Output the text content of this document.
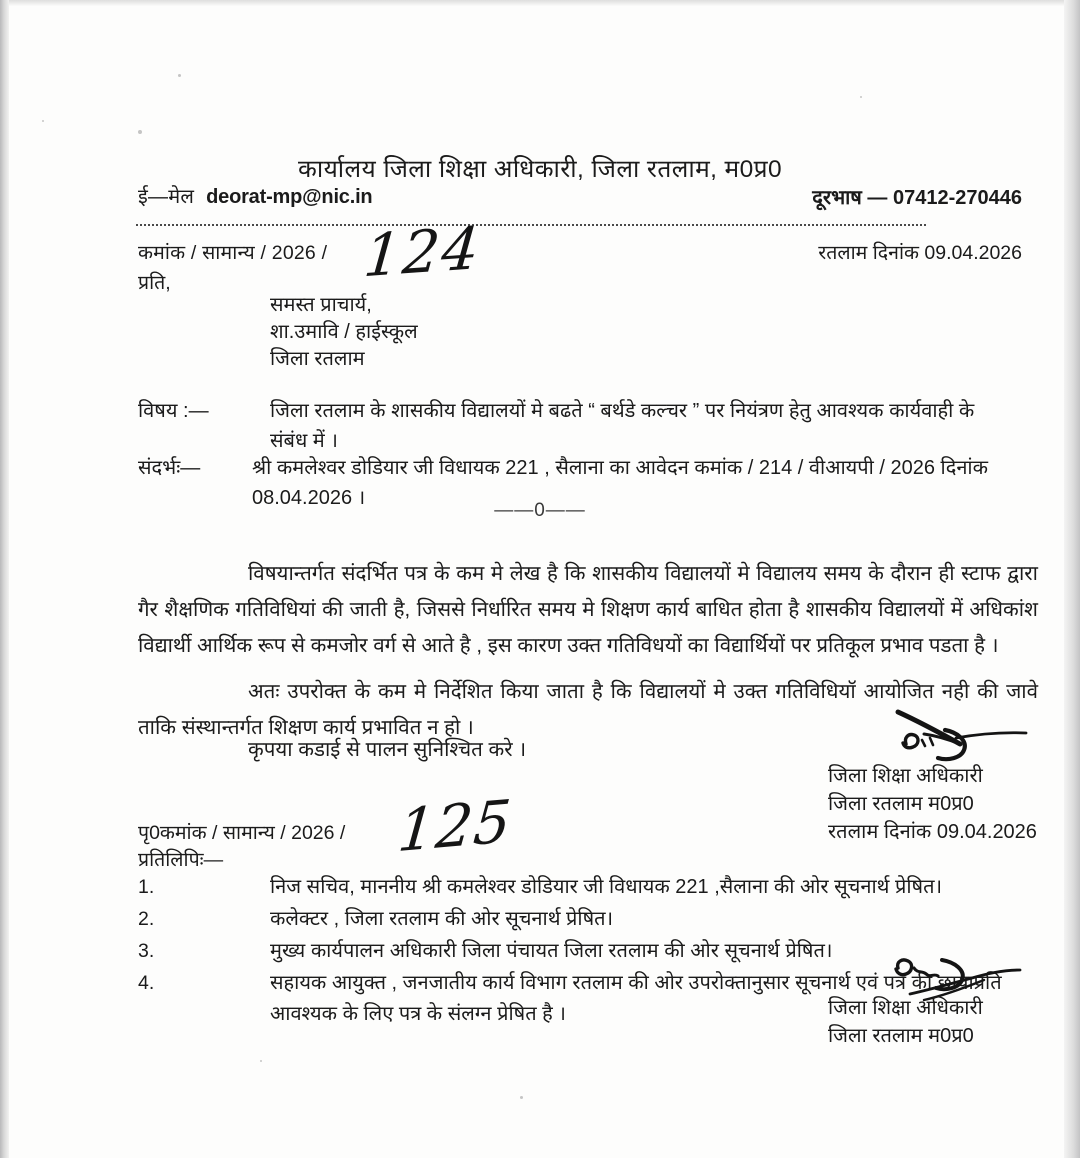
कार्यालय जिला शिक्षा अधिकारी, जिला रतलाम, म0प्र0
ई—मेल deorat-mp@nic.in	दूरभाष — 07412-270446
कमांक / सामान्य / 2026 / 124	रतलाम दिनांक 09.04.2026
प्रति,
समस्त प्राचार्य,
शा.उमावि / हाईस्कूल
जिला रतलाम
विषय :—	जिला रतलाम के शासकीय विद्यालयों मे बढते “ बर्थडे कल्चर ” पर नियंत्रण हेतु आवश्यक कार्यवाही के संबंध में ।
संदर्भः—	श्री कमलेश्वर डोडियार जी विधायक 221 , सैलाना का आवेदन कमांक / 214 / वीआयपी / 2026 दिनांक 08.04.2026 ।
——0——
विषयान्तर्गत संदर्भित पत्र के कम मे लेख है कि शासकीय विद्यालयों मे विद्यालय समय के दौरान ही स्टाफ द्वारा गैर शैक्षणिक गतिविधियां की जाती है, जिससे निर्धारित समय मे शिक्षण कार्य बाधित होता है शासकीय विद्यालयों में अधिकांश विद्यार्थी आर्थिक रूप से कमजोर वर्ग से आते है , इस कारण उक्त गतिविधयों का विद्यार्थियों पर प्रतिकूल प्रभाव पडता है ।
अतः उपरोक्त के कम मे निर्देशित किया जाता है कि विद्यालयों मे उक्त गतिविधियॉ आयोजित नही की जावे ताकि संस्थान्तर्गत शिक्षण कार्य प्रभावित न हो ।
कृपया कडाई से पालन सुनिश्चित करे ।
जिला शिक्षा अधिकारी
जिला रतलाम म0प्र0
रतलाम दिनांक 09.04.2026
पृ0कमांक / सामान्य / 2026 / 125
प्रतिलिपिः—
1.	निज सचिव, माननीय श्री कमलेश्वर डोडियार जी विधायक 221 ,सैलाना की ओर सूचनार्थ प्रेषित।
2.	कलेक्टर , जिला रतलाम की ओर सूचनार्थ प्रेषित।
3.	मुख्य कार्यपालन अधिकारी जिला पंचायत जिला रतलाम की ओर सूचनार्थ प्रेषित।
4.	सहायक आयुक्त , जनजातीय कार्य विभाग रतलाम की ओर उपरोक्तानुसार सूचनार्थ एवं पत्र की छायाप्रति आवश्यक के लिए पत्र के संलग्न प्रेषित है ।	जिला शिक्षा अधिकारी
जिला रतलाम म0प्र0
